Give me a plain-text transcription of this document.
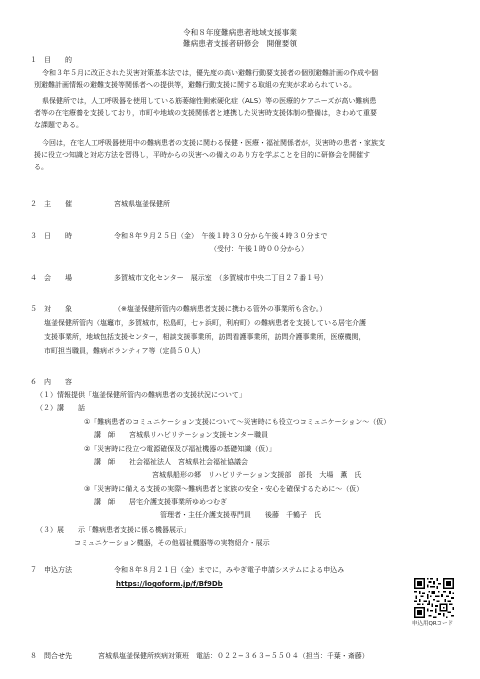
令和８年度難病患者地域支援事業
難病患者支援者研修会　開催要領
１　目　　的
令和３年５月に改正された災害対策基本法では，優先度の高い避難行動要支援者の個別避難計画の作成や個
別避難計画情報の避難支援等関係者への提供等，避難行動支援に関する取組の充実が求められている。
県保健所では，人工呼吸器を使用している筋萎縮性側索硬化症（ALS）等の医療的ケアニーズが高い難病患
者等の在宅療養を支援しており，市町や地域の支援関係者と連携した災害時支援体制の整備は，きわめて重要
な課題である。
今回は，在宅人工呼吸器使用中の難病患者の支援に関わる保健・医療・福祉関係者が，災害時の患者・家族支
援に役立つ知識と対応方法を習得し，平時からの災害への備えのあり方を学ぶことを目的に研修会を開催す
る。
２　主　　催	宮城県塩釜保健所
３　日　　時	令和８年９月２５日（金）　午後１時３０分から午後４時３０分まで
（受付：午後１時００分から）
４　会　　場	多賀城市文化センター　展示室　（多賀城市中央二丁目２７番１号）
５　対　　象	（※塩釜保健所管内の難病患者支援に携わる管外の事業所も含む。）
塩釜保健所管内（塩竈市，多賀城市，松島町，七ヶ浜町，利府町）の難病患者を支援している居宅介護
支援事業所，地域包括支援センター，相談支援事業所，訪問看護事業所，訪問介護事業所，医療機関，
市町担当職員，難病ボランティア等（定員５０人）
６　内　　容
（１）情報提供「塩釜保健所管内の難病患者の支援状況について」
（２）講　　話
①「難病患者のコミュニケーション支援について〜災害時にも役立つコミュニケーション〜（仮）
講　師　　宮城県リハビリテーション支援センター職員
②「災害時に役立つ電源確保及び福祉機器の基礎知識（仮）」
講　師　　社会福祉法人　宮城県社会福祉協議会
宮城県船形の郷　リハビリテーション支援部　部長　大場　薫　氏
③「災害時に備える支援の実際〜難病患者と家族の安全・安心を確保するために〜（仮）
講　師　　居宅介護支援事業所ゆめつむぎ
管理者・主任介護支援専門員　　後藤　千鶴子　氏
（３）展　　示「難病患者支援に係る機器展示」
コミュニケーション機器，その他福祉機器等の実物紹介・展示
７　申込方法	令和８年８月２１日（金）までに，みやぎ電子申請システムによる申込み
https://logoform.jp/f/Bf9Db
申込用QRコード
８　問合せ先	宮城県塩釜保健所疾病対策班　電話：０２２−３６３−５５０４（担当：千葉・斎藤）
